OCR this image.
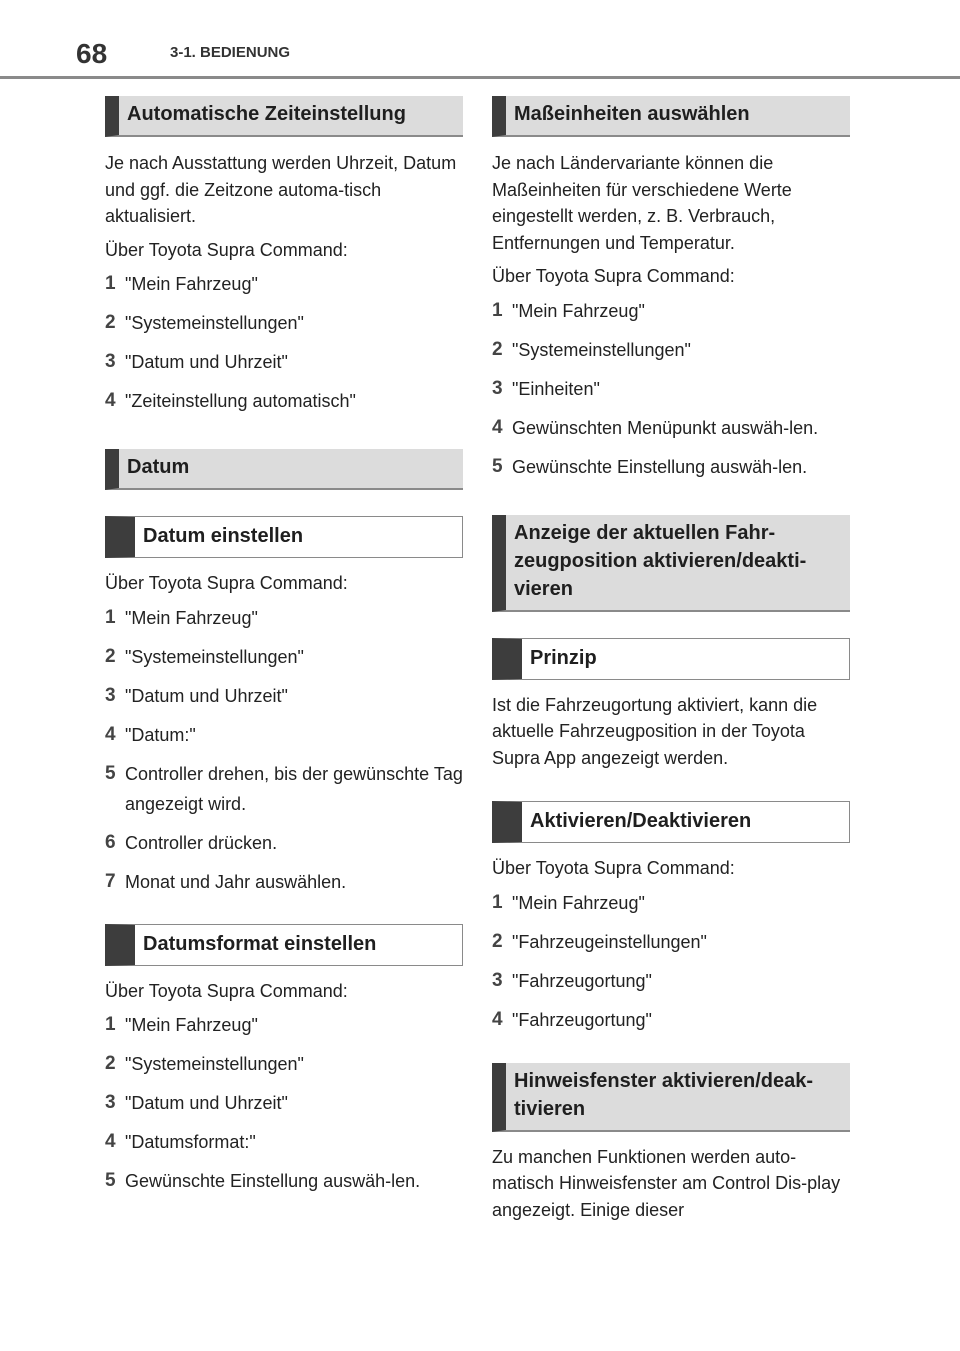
68	3-1. BEDIENUNG
Automatische Zeiteinstellung

Je nach Ausstattung werden Uhrzeit, Datum und ggf. die Zeitzone automa-tisch aktualisiert.

Über Toyota Supra Command:

1 "Mein Fahrzeug"
2 "Systemeinstellungen"
3 "Datum und Uhrzeit"
4 "Zeiteinstellung automatisch"
Datum
Datum einstellen

Über Toyota Supra Command:

1 "Mein Fahrzeug"
2 "Systemeinstellungen"
3 "Datum und Uhrzeit"
4 "Datum:"
5 Controller drehen, bis der gewünschte Tag angezeigt wird.
6 Controller drücken.
7 Monat und Jahr auswählen.
Datumsformat einstellen

Über Toyota Supra Command:

1 "Mein Fahrzeug"
2 "Systemeinstellungen"
3 "Datum und Uhrzeit"
4 "Datumsformat:"
5 Gewünschte Einstellung auswäh-len.
Maßeinheiten auswählen

Je nach Ländervariante können die Maßeinheiten für verschiedene Werte eingestellt werden, z. B. Verbrauch, Entfernungen und Temperatur.

Über Toyota Supra Command:

1 "Mein Fahrzeug"
2 "Systemeinstellungen"
3 "Einheiten"
4 Gewünschten Menüpunkt auswäh-len.
5 Gewünschte Einstellung auswäh-len.
Anzeige der aktuellen Fahr-zeugposition aktivieren/deakti-vieren
Prinzip

Ist die Fahrzeugortung aktiviert, kann die aktuelle Fahrzeugposition in der Toyota Supra App angezeigt werden.

Aktivieren/Deaktivieren

Über Toyota Supra Command:

1 "Mein Fahrzeug"
2 "Fahrzeugeinstellungen"
3 "Fahrzeugortung"
4 "Fahrzeugortung"
Hinweisfenster aktivieren/deak-tivieren

Zu manchen Funktionen werden auto-matisch Hinweisfenster am Control Dis-play angezeigt. Einige dieser
